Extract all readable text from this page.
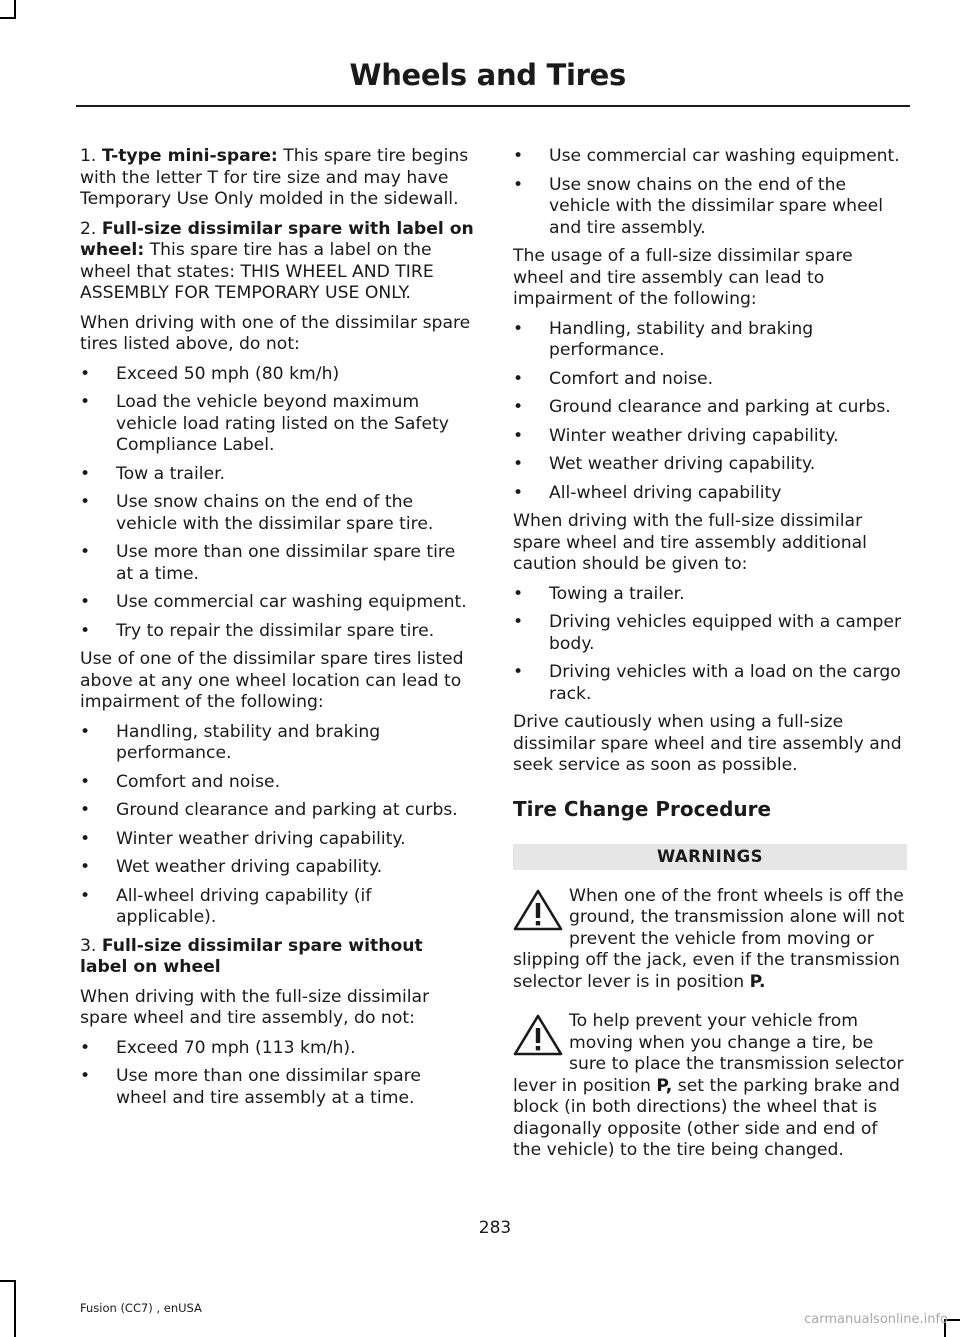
Wheels and Tires

1. T-type mini-spare: This spare tire begins with the letter T for tire size and may have Temporary Use Only molded in the sidewall.

2. Full-size dissimilar spare with label on wheel: This spare tire has a label on the wheel that states: THIS WHEEL AND TIRE ASSEMBLY FOR TEMPORARY USE ONLY.

When driving with one of the dissimilar spare tires listed above, do not:

• Exceed 50 mph (80 km/h)
• Load the vehicle beyond maximum vehicle load rating listed on the Safety Compliance Label.
• Tow a trailer.
• Use snow chains on the end of the vehicle with the dissimilar spare tire.
• Use more than one dissimilar spare tire at a time.
• Use commercial car washing equipment.
• Try to repair the dissimilar spare tire.

Use of one of the dissimilar spare tires listed above at any one wheel location can lead to impairment of the following:

• Handling, stability and braking performance.
• Comfort and noise.
• Ground clearance and parking at curbs.
• Winter weather driving capability.
• Wet weather driving capability.
• All-wheel driving capability (if applicable).

3. Full-size dissimilar spare without label on wheel

When driving with the full-size dissimilar spare wheel and tire assembly, do not:

• Exceed 70 mph (113 km/h).
• Use more than one dissimilar spare wheel and tire assembly at a time.
• Use commercial car washing equipment.
• Use snow chains on the end of the vehicle with the dissimilar spare wheel and tire assembly.

The usage of a full-size dissimilar spare wheel and tire assembly can lead to impairment of the following:

• Handling, stability and braking performance.
• Comfort and noise.
• Ground clearance and parking at curbs.
• Winter weather driving capability.
• Wet weather driving capability.
• All-wheel driving capability

When driving with the full-size dissimilar spare wheel and tire assembly additional caution should be given to:

• Towing a trailer.
• Driving vehicles equipped with a camper body.
• Driving vehicles with a load on the cargo rack.

Drive cautiously when using a full-size dissimilar spare wheel and tire assembly and seek service as soon as possible.

Tire Change Procedure
WARNINGS
When one of the front wheels is off the ground, the transmission alone will not prevent the vehicle from moving or slipping off the jack, even if the transmission selector lever is in position P.
To help prevent your vehicle from moving when you change a tire, be sure to place the transmission selector lever in position P, set the parking brake and block (in both directions) the wheel that is diagonally opposite (other side and end of the vehicle) to the tire being changed.
283
Fusion (CC7) , enUSA
carmanualsonline.info
